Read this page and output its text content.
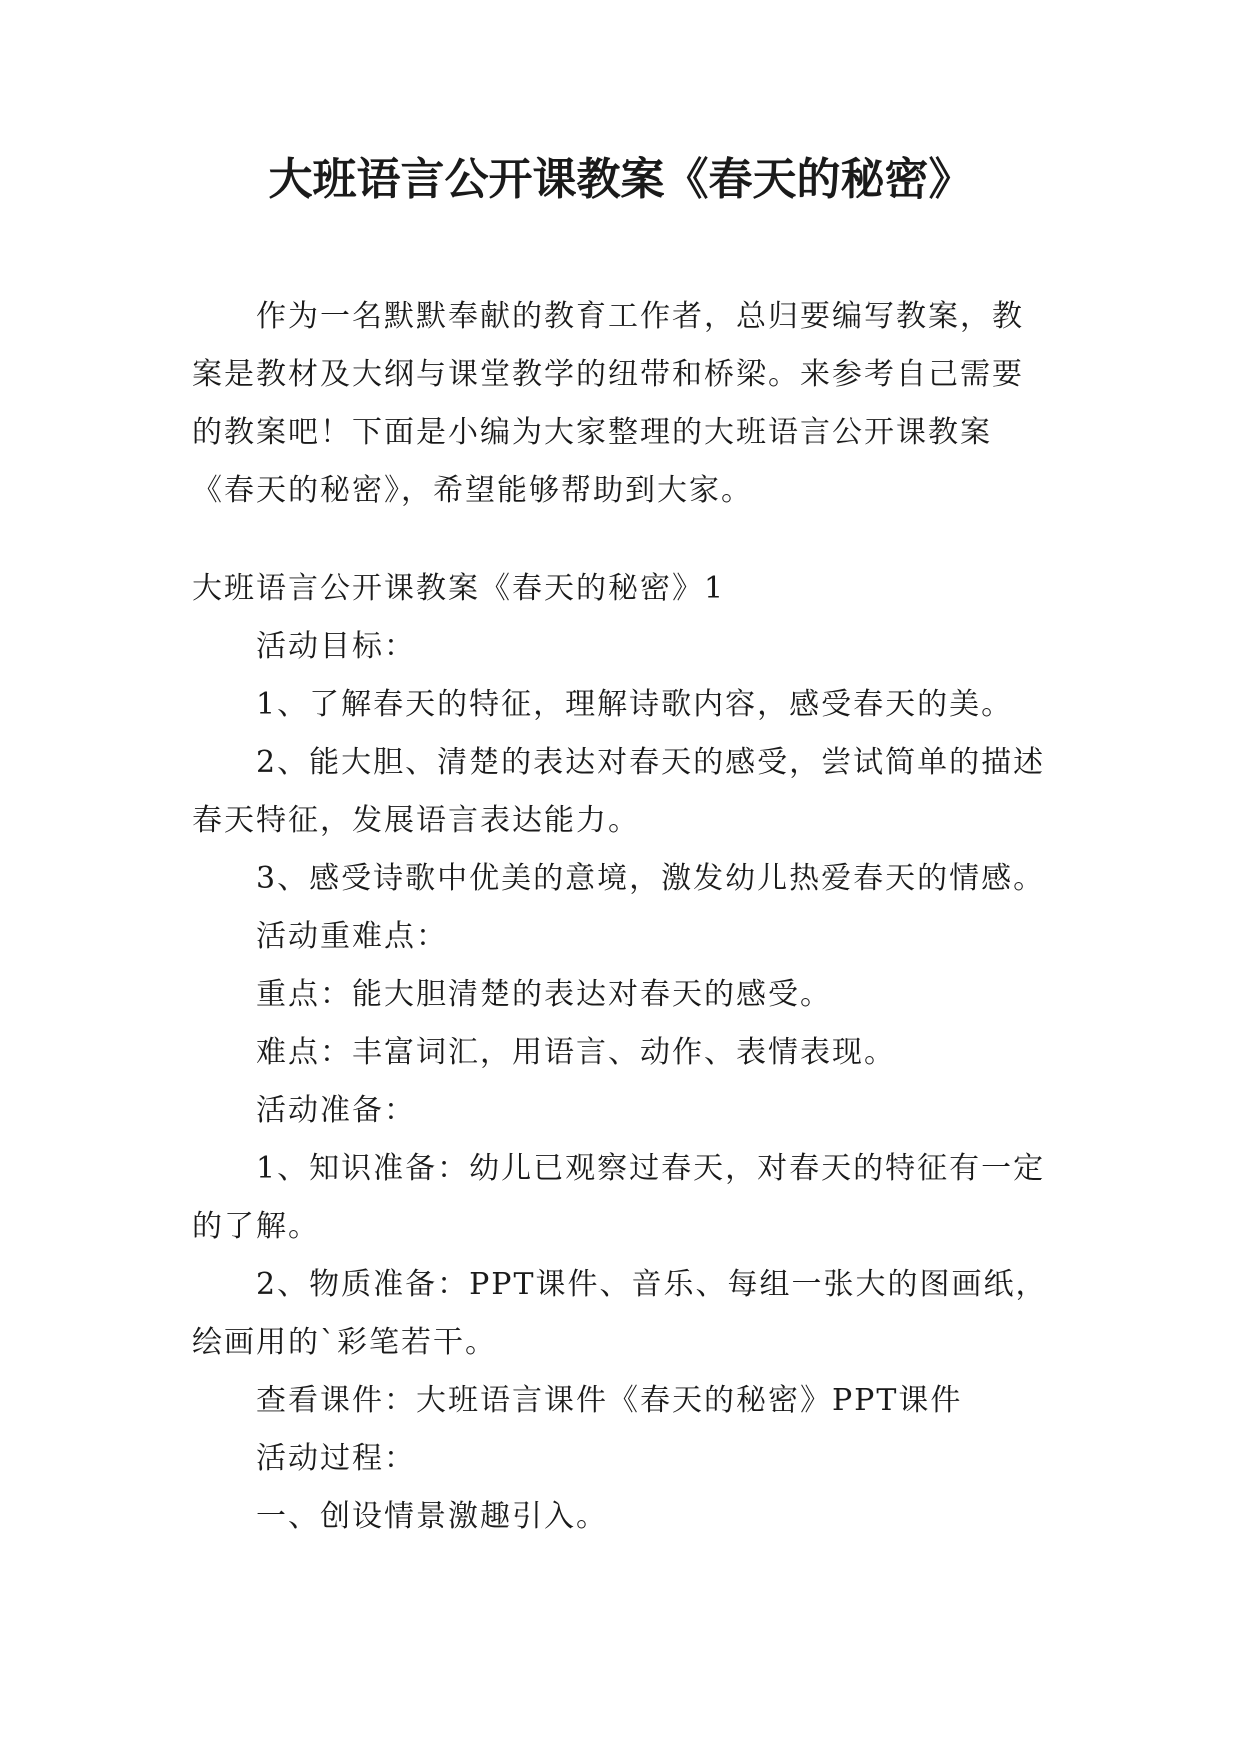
大班语言公开课教案《春天的秘密》

作为一名默默奉献的教育工作者，总归要编写教案，教案是教材及大纲与课堂教学的纽带和桥梁。来参考自己需要的教案吧！下面是小编为大家整理的大班语言公开课教案《春天的秘密》，希望能够帮助到大家。

大班语言公开课教案《春天的秘密》1

活动目标：

1、了解春天的特征，理解诗歌内容，感受春天的美。

2、能大胆、清楚的表达对春天的感受，尝试简单的描述春天特征，发展语言表达能力。

3、感受诗歌中优美的意境，激发幼儿热爱春天的情感。

活动重难点：

重点：能大胆清楚的表达对春天的感受。

难点：丰富词汇，用语言、动作、表情表现。

活动准备：

1、知识准备：幼儿已观察过春天，对春天的特征有一定的了解。

2、物质准备：PPT课件、音乐、每组一张大的图画纸，绘画用的`彩笔若干。

查看课件：大班语言课件《春天的秘密》PPT课件

活动过程：

一、创设情景激趣引入。
